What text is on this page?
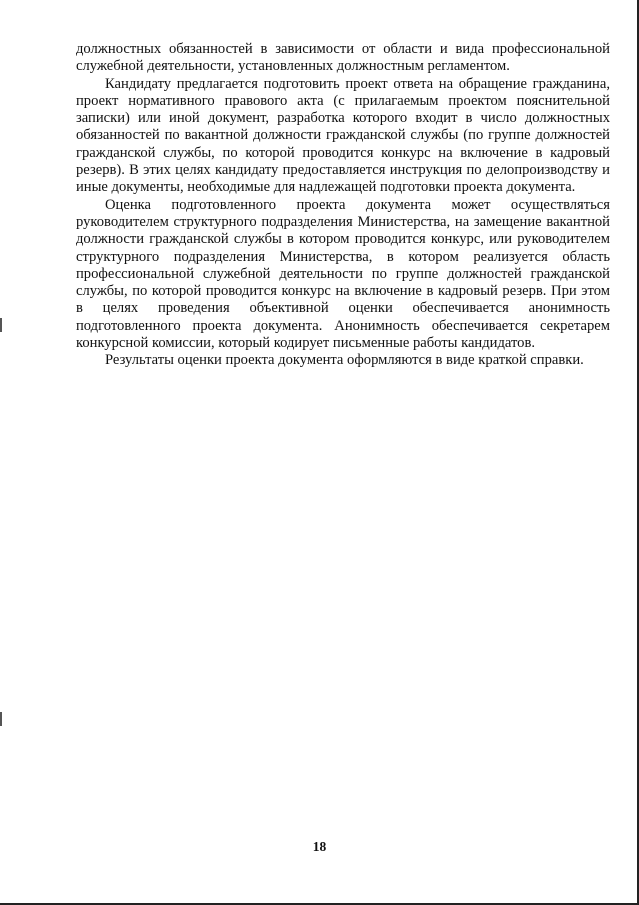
должностных обязанностей в зависимости от области и вида профессиональной служебной деятельности, установленных должностным регламентом.

Кандидату предлагается подготовить проект ответа на обращение гражданина, проект нормативного правового акта (с прилагаемым проектом пояснительной записки) или иной документ, разработка которого входит в число должностных обязанностей по вакантной должности гражданской службы (по группе должностей гражданской службы, по которой проводится конкурс на включение в кадровый резерв). В этих целях кандидату предоставляется инструкция по делопроизводству и иные документы, необходимые для надлежащей подготовки проекта документа.

Оценка подготовленного проекта документа может осуществляться руководителем структурного подразделения Министерства, на замещение вакантной должности гражданской службы в котором проводится конкурс, или руководителем структурного подразделения Министерства, в котором реализуется область профессиональной служебной деятельности по группе должностей гражданской службы, по которой проводится конкурс на включение в кадровый резерв. При этом в целях проведения объективной оценки обеспечивается анонимность подготовленного проекта документа. Анонимность обеспечивается секретарем конкурсной комиссии, который кодирует письменные работы кандидатов.

Результаты оценки проекта документа оформляются в виде краткой справки.

18
